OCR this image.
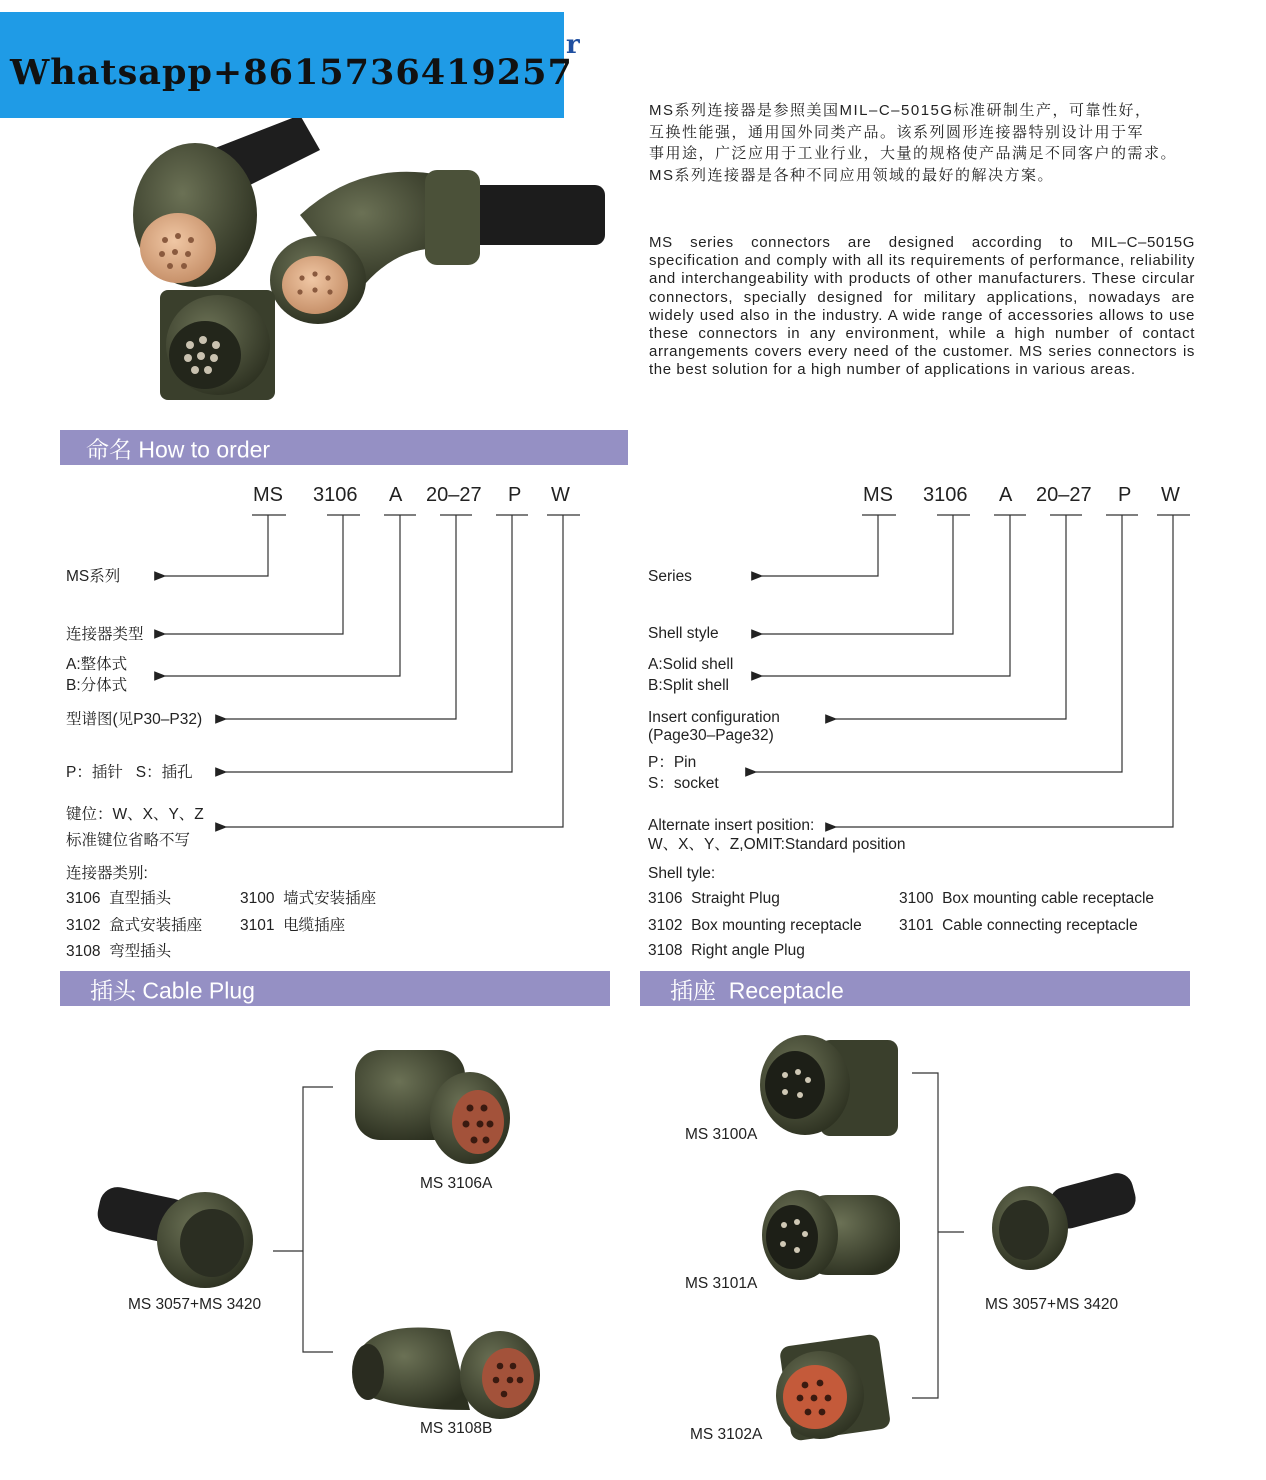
Whatsapp+8615736419257
r
MS系列连接器是参照美国MIL–C–5015G标准研制生产，可靠性好，
互换性能强，通用国外同类产品。该系列圆形连接器特别设计用于军
事用途，广泛应用于工业行业，大量的规格使产品满足不同客户的需求。
MS系列连接器是各种不同应用领域的最好的解决方案。
MS series connectors are designed according to MIL–C–5015G specification and comply with all its requirements of performance, reliability and interchangeability with products of other manufacturers. These circular connectors, specially designed for military applications, nowadays are widely used also in the industry. A wide range of accessories allows to use these connectors in any environment, while a high number of contact arrangements covers every need of the customer. MS series connectors is the best solution for a high number of applications in various areas.
命名 How to order
MS 3106 A 20–27 P W	MS 3106 A 20–27 P W
MS系列
连接器类型
A:整体式
B:分体式
型谱图(见P30–P32)
P：插针   S：插孔
键位：W、X、Y、Z
标准键位省略不写
连接器类别:
3106  直型插头	3100  墙式安装插座
3102  盒式安装插座 3101  电缆插座
3108  弯型插头
Series
Shell style
A:Solid shell
B:Split shell
Insert configuration
(Page30–Page32)
P：Pin
S：socket
Alternate insert position:
W、X、Y、Z,OMIT:Standard position
Shell tyle:
3106  Straight Plug	3100  Box mounting cable receptacle
3102  Box mounting receptacle 3101  Cable connecting receptacle
3108  Right angle Plug
插头 Cable Plug	插座  Receptacle
MS 3106A
MS 3057+MS 3420
MS 3108B
MS 3100A
MS 3101A
MS 3102A
MS 3057+MS 3420
